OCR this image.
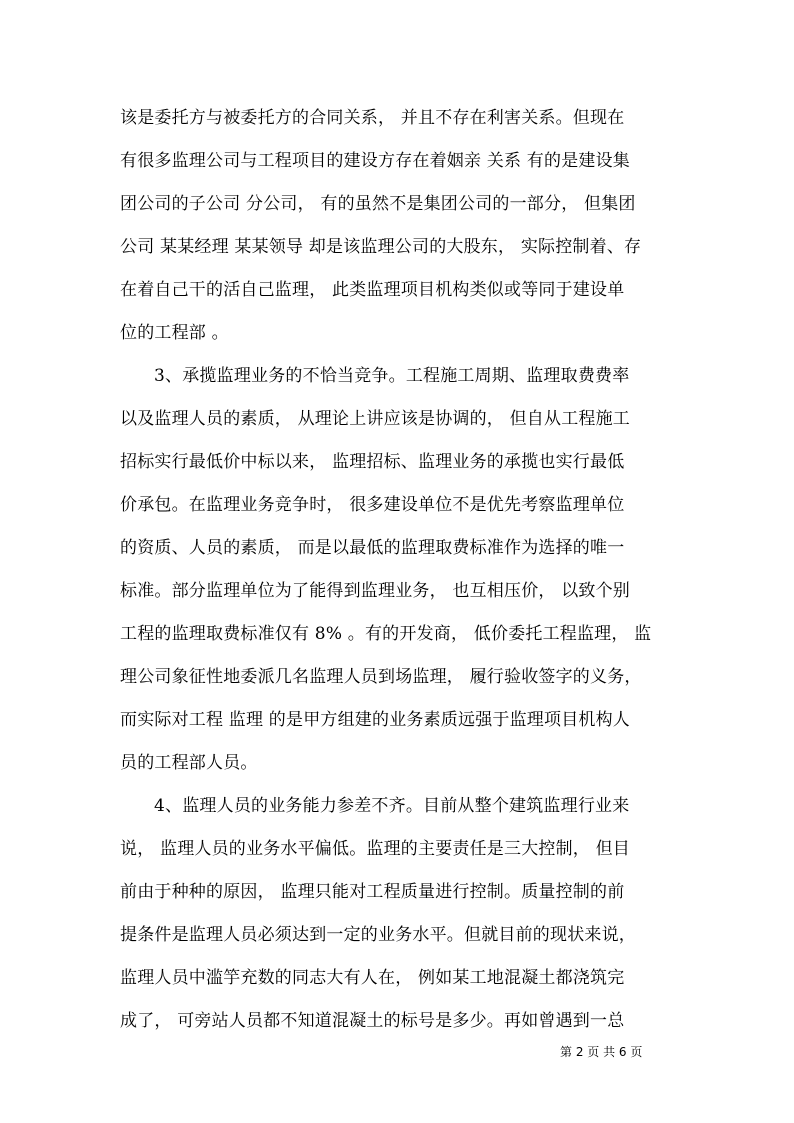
该是委托方与被委托方的合同关系， 并且不存在利害关系。但现在
有很多监理公司与工程项目的建设方存在着姻亲 关系 有的是建设集
团公司的子公司 分公司， 有的虽然不是集团公司的一部分， 但集团
公司 某某经理 某某领导 却是该监理公司的大股东， 实际控制着、存
在着自己干的活自己监理， 此类监理项目机构类似或等同于建设单
位的工程部 。
3、承揽监理业务的不恰当竞争。工程施工周期、监理取费费率
以及监理人员的素质， 从理论上讲应该是协调的， 但自从工程施工
招标实行最低价中标以来， 监理招标、监理业务的承揽也实行最低
价承包。在监理业务竞争时， 很多建设单位不是优先考察监理单位
的资质、人员的素质， 而是以最低的监理取费标准作为选择的唯一
标准。部分监理单位为了能得到监理业务， 也互相压价， 以致个别
工程的监理取费标准仅有 8% 。有的开发商， 低价委托工程监理， 监
理公司象征性地委派几名监理人员到场监理， 履行验收签字的义务，
而实际对工程 监理 的是甲方组建的业务素质远强于监理项目机构人
员的工程部人员。
4、监理人员的业务能力参差不齐。目前从整个建筑监理行业来
说， 监理人员的业务水平偏低。监理的主要责任是三大控制， 但目
前由于种种的原因， 监理只能对工程质量进行控制。质量控制的前
提条件是监理人员必须达到一定的业务水平。但就目前的现状来说，
监理人员中滥竽充数的同志大有人在， 例如某工地混凝土都浇筑完
成了， 可旁站人员都不知道混凝土的标号是多少。再如曾遇到一总
第 2 页 共 6 页
